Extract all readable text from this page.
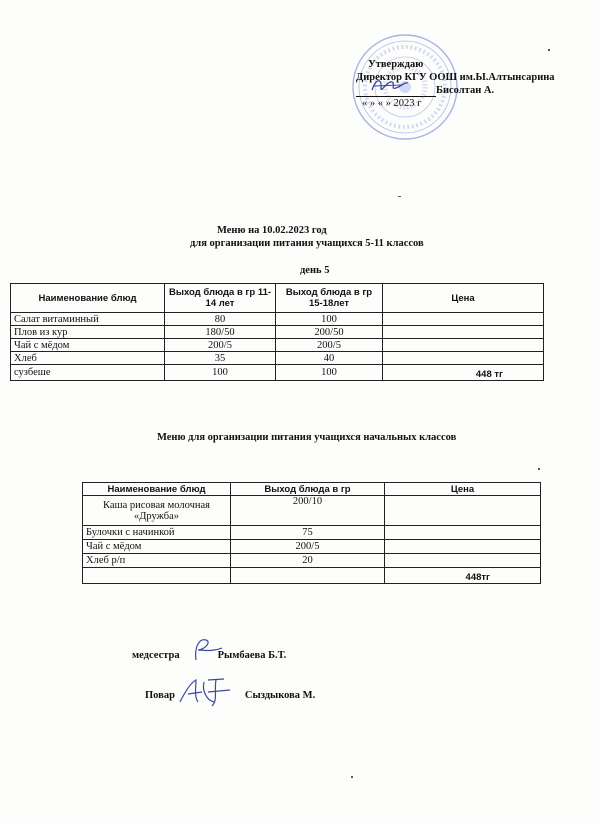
Утверждаю
Директор КГУ ООШ им.Ы.Алтынсарина
Бисолтан А.
« » « » 2023 г
Меню на 10.02.2023 год
для организации питания учащихся 5-11 классов
день 5
Наименование блюд	Выход блюда в гр 11-14 лет	Выход блюда в гр 15-18лет	Цена
Салат витаминный	80	100	
Плов из кур	180/50	200/50	
Чай с мёдом	200/5	200/5	
Хлеб	35	40	
сузбеше	100	100	448 тг
Меню для организации питания учащихся начальных классов
Наименование блюд	Выход блюда в гр	Цена
Каша рисовая молочная «Дружба»	200/10	
Булочки с начинкой	75	
Чай с мёдом	200/5	
Хлеб р/п	20	
		448тг
медсестра	Рымбаева Б.Т.
Повар	Сыздыкова М.
